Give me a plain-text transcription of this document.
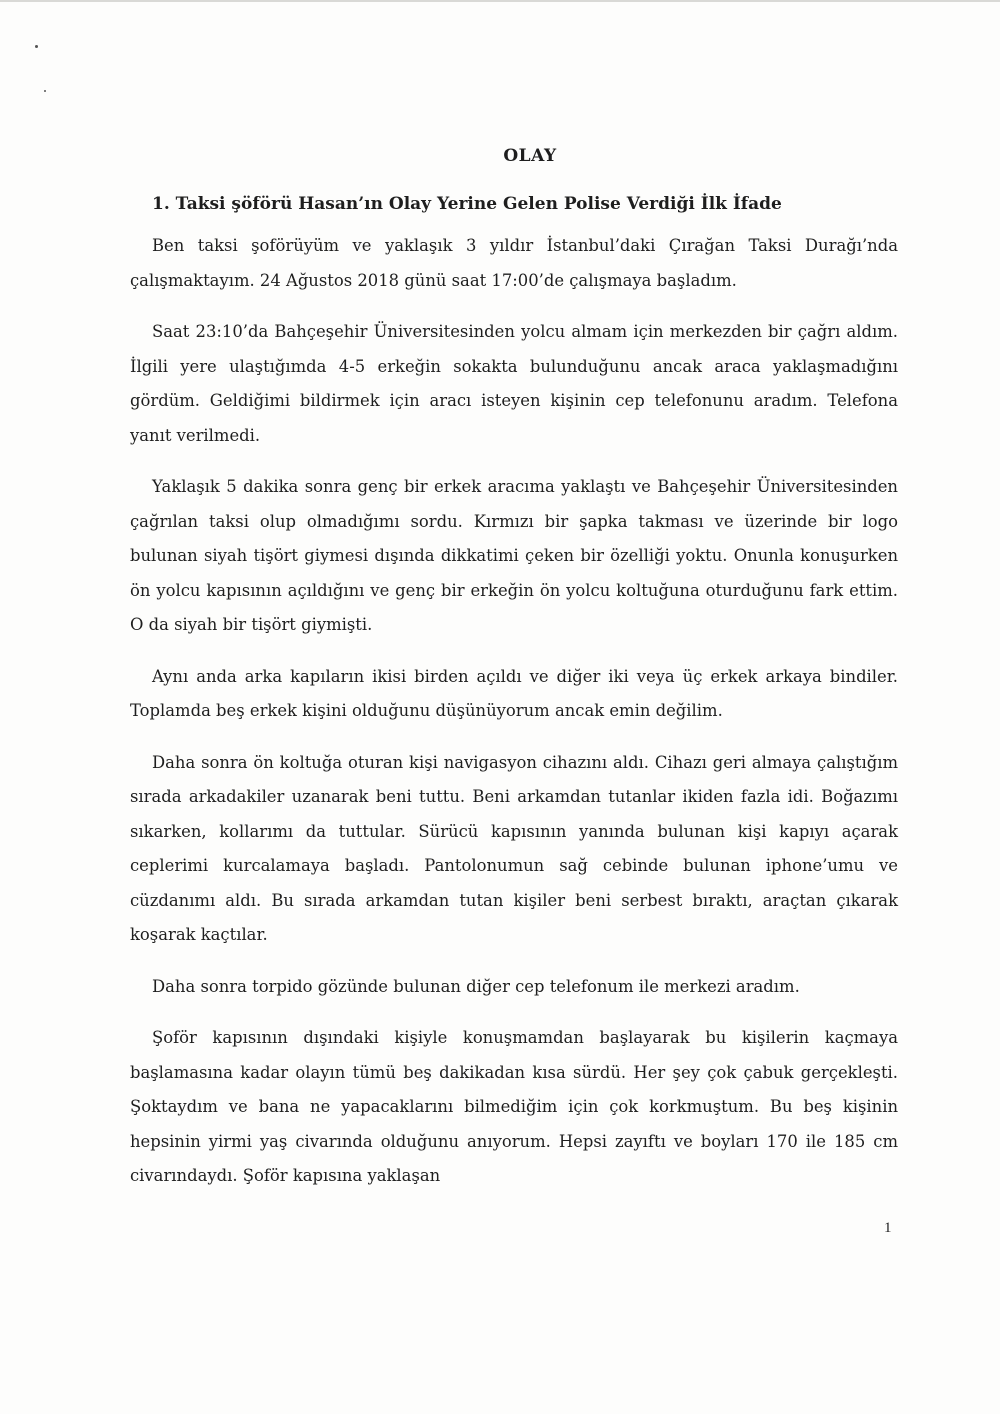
OLAY
1. Taksi şöförü Hasan’ın Olay Yerine Gelen Polise Verdiği İlk İfade

Ben taksi şoförüyüm ve yaklaşık 3 yıldır İstanbul’daki Çırağan Taksi Durağı’nda çalışmaktayım. 24 Ağustos 2018 günü saat 17:00’de çalışmaya başladım.

Saat 23:10’da Bahçeşehir Üniversitesinden yolcu almam için merkezden bir çağrı aldım. İlgili yere ulaştığımda 4-5 erkeğin sokakta bulunduğunu ancak araca yaklaşmadığını gördüm. Geldiğimi bildirmek için aracı isteyen kişinin cep telefonunu aradım. Telefona yanıt verilmedi.

Yaklaşık 5 dakika sonra genç bir erkek aracıma yaklaştı ve Bahçeşehir Üniversitesinden çağrılan taksi olup olmadığımı sordu. Kırmızı bir şapka takması ve üzerinde bir logo bulunan siyah tişört giymesi dışında dikkatimi çeken bir özelliği yoktu. Onunla konuşurken ön yolcu kapısının açıldığını ve genç bir erkeğin ön yolcu koltuğuna oturduğunu fark ettim. O da siyah bir tişört giymişti.

Aynı anda arka kapıların ikisi birden açıldı ve diğer iki veya üç erkek arkaya bindiler. Toplamda beş erkek kişini olduğunu düşünüyorum ancak emin değilim.

Daha sonra ön koltuğa oturan kişi navigasyon cihazını aldı. Cihazı geri almaya çalıştığım sırada arkadakiler uzanarak beni tuttu. Beni arkamdan tutanlar ikiden fazla idi. Boğazımı sıkarken, kollarımı da tuttular. Sürücü kapısının yanında bulunan kişi kapıyı açarak ceplerimi kurcalamaya başladı. Pantolonumun sağ cebinde bulunan iphone’umu ve cüzdanımı aldı. Bu sırada arkamdan tutan kişiler beni serbest bıraktı, araçtan çıkarak koşarak kaçtılar.

Daha sonra torpido gözünde bulunan diğer cep telefonum ile merkezi aradım.

Şoför kapısının dışındaki kişiyle konuşmamdan başlayarak bu kişilerin kaçmaya başlamasına kadar olayın tümü beş dakikadan kısa sürdü. Her şey çok çabuk gerçekleşti. Şoktaydım ve bana ne yapacaklarını bilmediğim için çok korkmuştum. Bu beş kişinin hepsinin yirmi yaş civarında olduğunu anıyorum. Hepsi zayıftı ve boyları 170 ile 185 cm civarındaydı. Şoför kapısına yaklaşan

1
